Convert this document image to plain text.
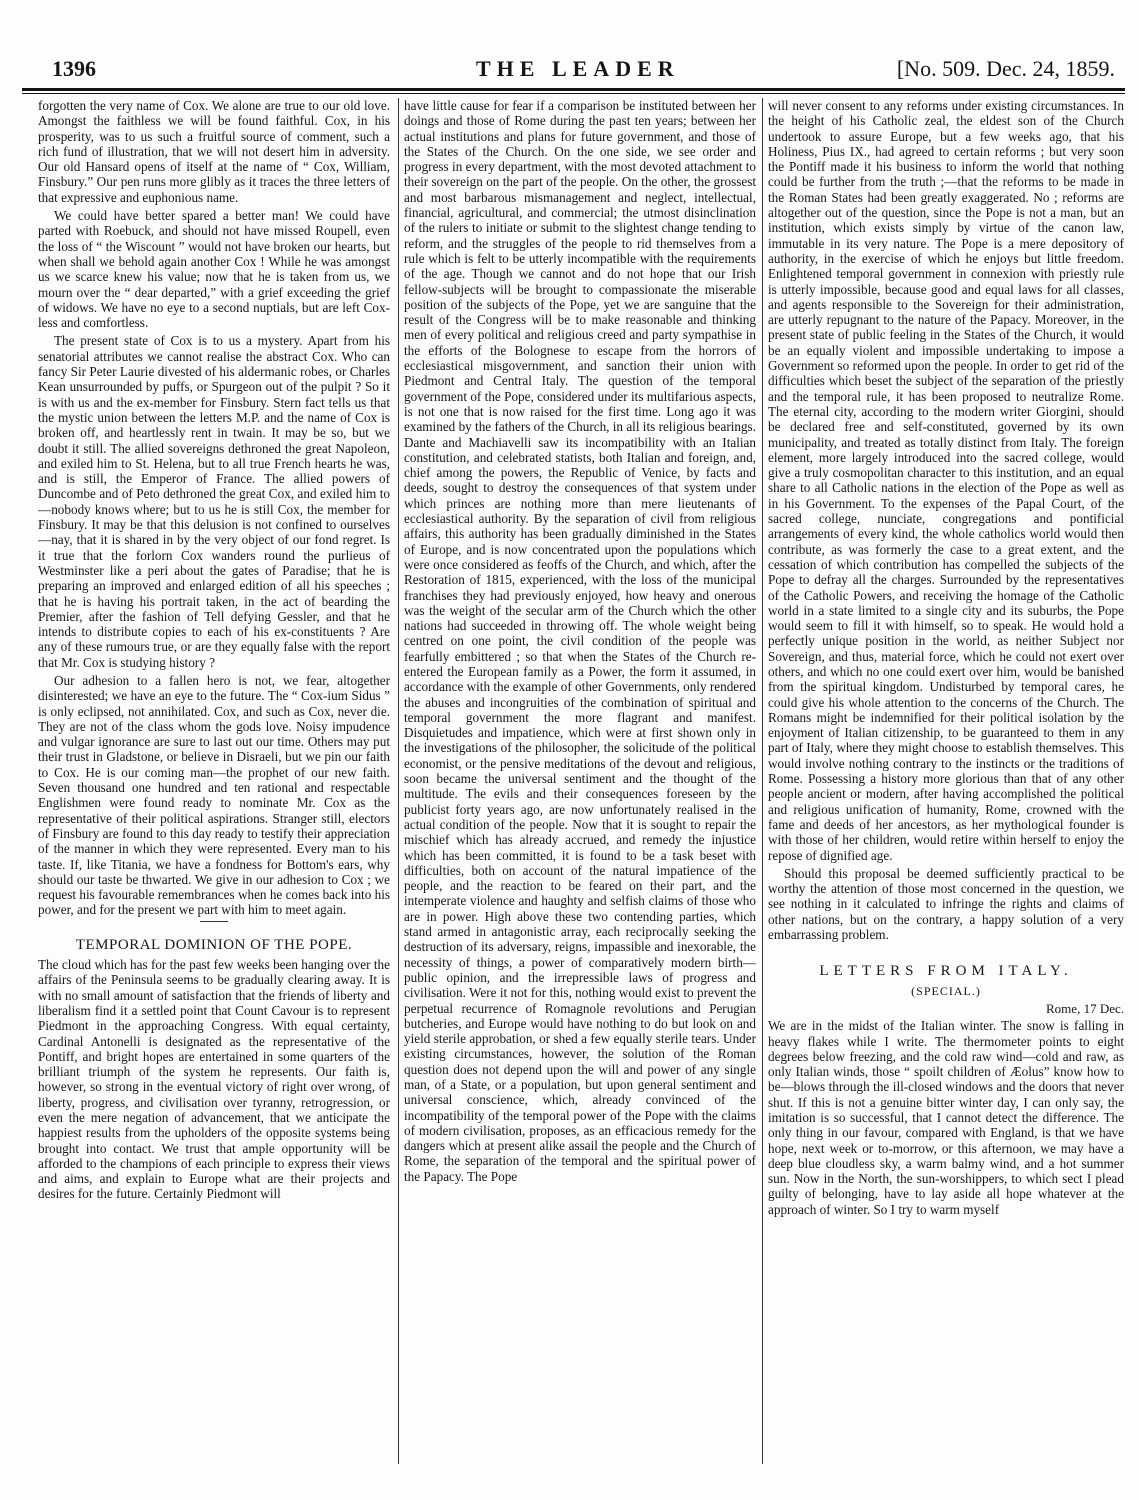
1396	THE LEADER	[No. 509. Dec. 24, 1859.

forgotten the very name of Cox. We alone are true to our old love. Amongst the faithless we will be found faithful. Cox, in his prosperity, was to us such a fruitful source of comment, such a rich fund of illustration, that we will not desert him in adversity. Our old Hansard opens of itself at the name of “ Cox, William, Finsbury.” Our pen runs more glibly as it traces the three letters of that expressive and euphonious name.

We could have better spared a better man! We could have parted with Roebuck, and should not have missed Roupell, even the loss of “ the Wiscount ” would not have broken our hearts, but when shall we behold again another Cox ! While he was amongst us we scarce knew his value; now that he is taken from us, we mourn over the “ dear departed,” with a grief exceeding the grief of widows. We have no eye to a second nuptials, but are left Cox-less and comfortless.

The present state of Cox is to us a mystery. Apart from his senatorial attributes we cannot realise the abstract Cox. Who can fancy Sir Peter Laurie divested of his aldermanic robes, or Charles Kean unsurrounded by puffs, or Spurgeon out of the pulpit ? So it is with us and the ex-member for Finsbury. Stern fact tells us that the mystic union between the letters M.P. and the name of Cox is broken off, and heartlessly rent in twain. It may be so, but we doubt it still. The allied sovereigns dethroned the great Napoleon, and exiled him to St. Helena, but to all true French hearts he was, and is still, the Emperor of France. The allied powers of Duncombe and of Peto dethroned the great Cox, and exiled him to—nobody knows where; but to us he is still Cox, the member for Finsbury. It may be that this delusion is not confined to ourselves—nay, that it is shared in by the very object of our fond regret. Is it true that the forlorn Cox wanders round the purlieus of Westminster like a peri about the gates of Paradise; that he is preparing an improved and enlarged edition of all his speeches ; that he is having his portrait taken, in the act of bearding the Premier, after the fashion of Tell defying Gessler, and that he intends to distribute copies to each of his ex-constituents ? Are any of these rumours true, or are they equally false with the report that Mr. Cox is studying history ?

Our adhesion to a fallen hero is not, we fear, altogether disinterested; we have an eye to the future. The “ Cox-ium Sidus ” is only eclipsed, not annihilated. Cox, and such as Cox, never die. They are not of the class whom the gods love. Noisy impudence and vulgar ignorance are sure to last out our time. Others may put their trust in Gladstone, or believe in Disraeli, but we pin our faith to Cox. He is our coming man—the prophet of our new faith. Seven thousand one hundred and ten rational and respectable Englishmen were found ready to nominate Mr. Cox as the representative of their political aspirations. Stranger still, electors of Finsbury are found to this day ready to testify their appreciation of the manner in which they were represented. Every man to his taste. If, like Titania, we have a fondness for Bottom's ears, why should our taste be thwarted. We give in our adhesion to Cox ; we request his favourable remembrances when he comes back into his power, and for the present we part with him to meet again.

TEMPORAL DOMINION OF THE POPE.

The cloud which has for the past few weeks been hanging over the affairs of the Peninsula seems to be gradually clearing away. It is with no small amount of satisfaction that the friends of liberty and liberalism find it a settled point that Count Cavour is to represent Piedmont in the approaching Congress. With equal certainty, Cardinal Antonelli is designated as the representative of the Pontiff, and bright hopes are entertained in some quarters of the brilliant triumph of the system he represents. Our faith is, however, so strong in the eventual victory of right over wrong, of liberty, progress, and civilisation over tyranny, retrogression, or even the mere negation of advancement, that we anticipate the happiest results from the upholders of the opposite systems being brought into contact. We trust that ample opportunity will be afforded to the champions of each principle to express their views and aims, and explain to Europe what are their projects and desires for the future. Certainly Piedmont will

have little cause for fear if a comparison be instituted between her doings and those of Rome during the past ten years; between her actual institutions and plans for future government, and those of the States of the Church. On the one side, we see order and progress in every department, with the most devoted attachment to their sovereign on the part of the people. On the other, the grossest and most barbarous mismanagement and neglect, intellectual, financial, agricultural, and commercial; the utmost disinclination of the rulers to initiate or submit to the slightest change tending to reform, and the struggles of the people to rid themselves from a rule which is felt to be utterly incompatible with the requirements of the age. Though we cannot and do not hope that our Irish fellow-subjects will be brought to compassionate the miserable position of the subjects of the Pope, yet we are sanguine that the result of the Congress will be to make reasonable and thinking men of every political and religious creed and party sympathise in the efforts of the Bolognese to escape from the horrors of ecclesiastical misgovernment, and sanction their union with Piedmont and Central Italy. The question of the temporal government of the Pope, considered under its multifarious aspects, is not one that is now raised for the first time. Long ago it was examined by the fathers of the Church, in all its religious bearings. Dante and Machiavelli saw its incompatibility with an Italian constitution, and celebrated statists, both Italian and foreign, and, chief among the powers, the Republic of Venice, by facts and deeds, sought to destroy the consequences of that system under which princes are nothing more than mere lieutenants of ecclesiastical authority. By the separation of civil from religious affairs, this authority has been gradually diminished in the States of Europe, and is now concentrated upon the populations which were once considered as feoffs of the Church, and which, after the Restoration of 1815, experienced, with the loss of the municipal franchises they had previously enjoyed, how heavy and onerous was the weight of the secular arm of the Church which the other nations had succeeded in throwing off. The whole weight being centred on one point, the civil condition of the people was fearfully embittered ; so that when the States of the Church re-entered the European family as a Power, the form it assumed, in accordance with the example of other Governments, only rendered the abuses and incongruities of the combination of spiritual and temporal government the more flagrant and manifest. Disquietudes and impatience, which were at first shown only in the investigations of the philosopher, the solicitude of the political economist, or the pensive meditations of the devout and religious, soon became the universal sentiment and the thought of the multitude. The evils and their consequences foreseen by the publicist forty years ago, are now unfortunately realised in the actual condition of the people. Now that it is sought to repair the mischief which has already accrued, and remedy the injustice which has been committed, it is found to be a task beset with difficulties, both on account of the natural impatience of the people, and the reaction to be feared on their part, and the intemperate violence and haughty and selfish claims of those who are in power. High above these two contending parties, which stand armed in antagonistic array, each reciprocally seeking the destruction of its adversary, reigns, impassible and inexorable, the necessity of things, a power of comparatively modern birth—public opinion, and the irrepressible laws of progress and civilisation. Were it not for this, nothing would exist to prevent the perpetual recurrence of Romagnole revolutions and Perugian butcheries, and Europe would have nothing to do but look on and yield sterile approbation, or shed a few equally sterile tears. Under existing circumstances, however, the solution of the Roman question does not depend upon the will and power of any single man, of a State, or a population, but upon general sentiment and universal conscience, which, already convinced of the incompatibility of the temporal power of the Pope with the claims of modern civilisation, proposes, as an efficacious remedy for the dangers which at present alike assail the people and the Church of Rome, the separation of the temporal and the spiritual power of the Papacy. The Pope

will never consent to any reforms under existing circumstances. In the height of his Catholic zeal, the eldest son of the Church undertook to assure Europe, but a few weeks ago, that his Holiness, Pius IX., had agreed to certain reforms ; but very soon the Pontiff made it his business to inform the world that nothing could be further from the truth ;—that the reforms to be made in the Roman States had been greatly exaggerated. No ; reforms are altogether out of the question, since the Pope is not a man, but an institution, which exists simply by virtue of the canon law, immutable in its very nature. The Pope is a mere depository of authority, in the exercise of which he enjoys but little freedom. Enlightened temporal government in connexion with priestly rule is utterly impossible, because good and equal laws for all classes, and agents responsible to the Sovereign for their administration, are utterly repugnant to the nature of the Papacy. Moreover, in the present state of public feeling in the States of the Church, it would be an equally violent and impossible undertaking to impose a Government so reformed upon the people. In order to get rid of the difficulties which beset the subject of the separation of the priestly and the temporal rule, it has been proposed to neutralize Rome. The eternal city, according to the modern writer Giorgini, should be declared free and self-constituted, governed by its own municipality, and treated as totally distinct from Italy. The foreign element, more largely introduced into the sacred college, would give a truly cosmopolitan character to this institution, and an equal share to all Catholic nations in the election of the Pope as well as in his Government. To the expenses of the Papal Court, of the sacred college, nunciate, congregations and pontificial arrangements of every kind, the whole catholics world would then contribute, as was formerly the case to a great extent, and the cessation of which contribution has compelled the subjects of the Pope to defray all the charges. Surrounded by the representatives of the Catholic Powers, and receiving the homage of the Catholic world in a state limited to a single city and its suburbs, the Pope would seem to fill it with himself, so to speak. He would hold a perfectly unique position in the world, as neither Subject nor Sovereign, and thus, material force, which he could not exert over others, and which no one could exert over him, would be banished from the spiritual kingdom. Undisturbed by temporal cares, he could give his whole attention to the concerns of the Church. The Romans might be indemnified for their political isolation by the enjoyment of Italian citizenship, to be guaranteed to them in any part of Italy, where they might choose to establish themselves. This would involve nothing contrary to the instincts or the traditions of Rome. Possessing a history more glorious than that of any other people ancient or modern, after having accomplished the political and religious unification of humanity, Rome, crowned with the fame and deeds of her ancestors, as her mythological founder is with those of her children, would retire within herself to enjoy the repose of dignified age.

Should this proposal be deemed sufficiently practical to be worthy the attention of those most concerned in the question, we see nothing in it calculated to infringe the rights and claims of other nations, but on the contrary, a happy solution of a very embarrassing problem.

LETTERS FROM ITALY.
(SPECIAL.)
Rome, 17 Dec.

We are in the midst of the Italian winter. The snow is falling in heavy flakes while I write. The thermometer points to eight degrees below freezing, and the cold raw wind—cold and raw, as only Italian winds, those “ spoilt children of Æolus” know how to be—blows through the ill-closed windows and the doors that never shut. If this is not a genuine bitter winter day, I can only say, the imitation is so successful, that I cannot detect the difference. The only thing in our favour, compared with England, is that we have hope, next week or to-morrow, or this afternoon, we may have a deep blue cloudless sky, a warm balmy wind, and a hot summer sun. Now in the North, the sun-worshippers, to which sect I plead guilty of belonging, have to lay aside all hope whatever at the approach of winter. So I try to warm myself
